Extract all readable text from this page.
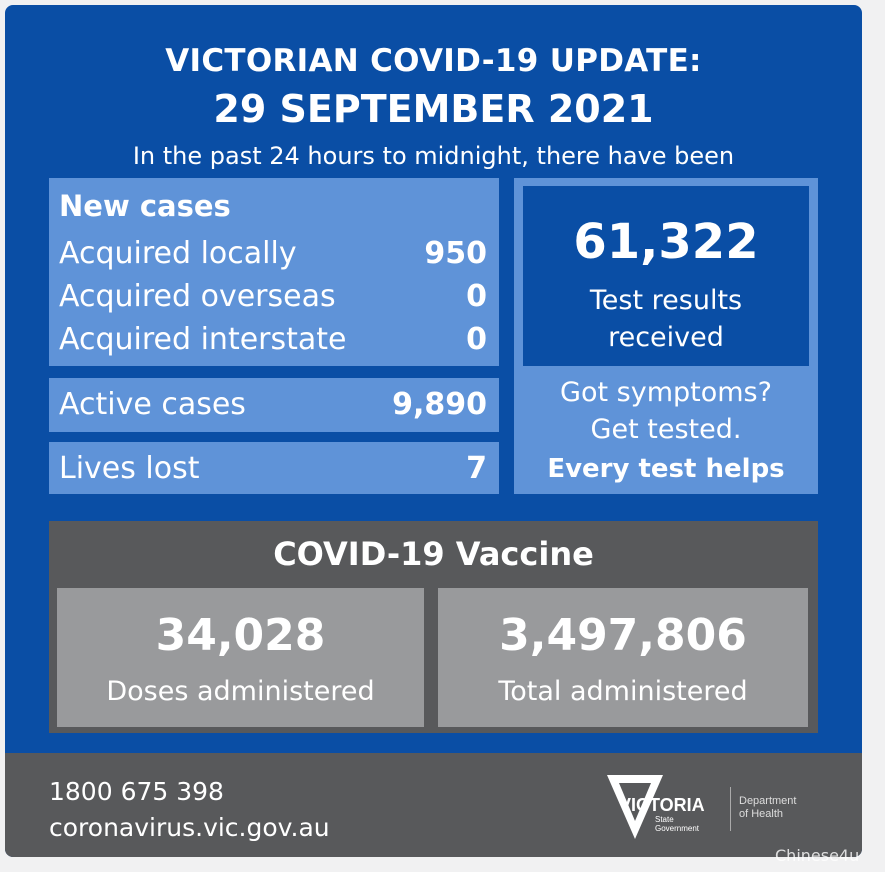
VICTORIAN COVID-19 UPDATE:
29 SEPTEMBER 2021
In the past 24 hours to midnight, there have been
New cases
Acquired locally	950
Acquired overseas	0
Acquired interstate	0
Active cases	9,890
Lives lost	7
61,322
Test results
received
Got symptoms?
Get tested.
Every test helps
COVID-19 Vaccine
34,028
Doses administered
3,497,806
Total administered
1800 675 398
coronavirus.vic.gov.au
VICTORIA
State
Government
Department
of Health
Chinese4u
